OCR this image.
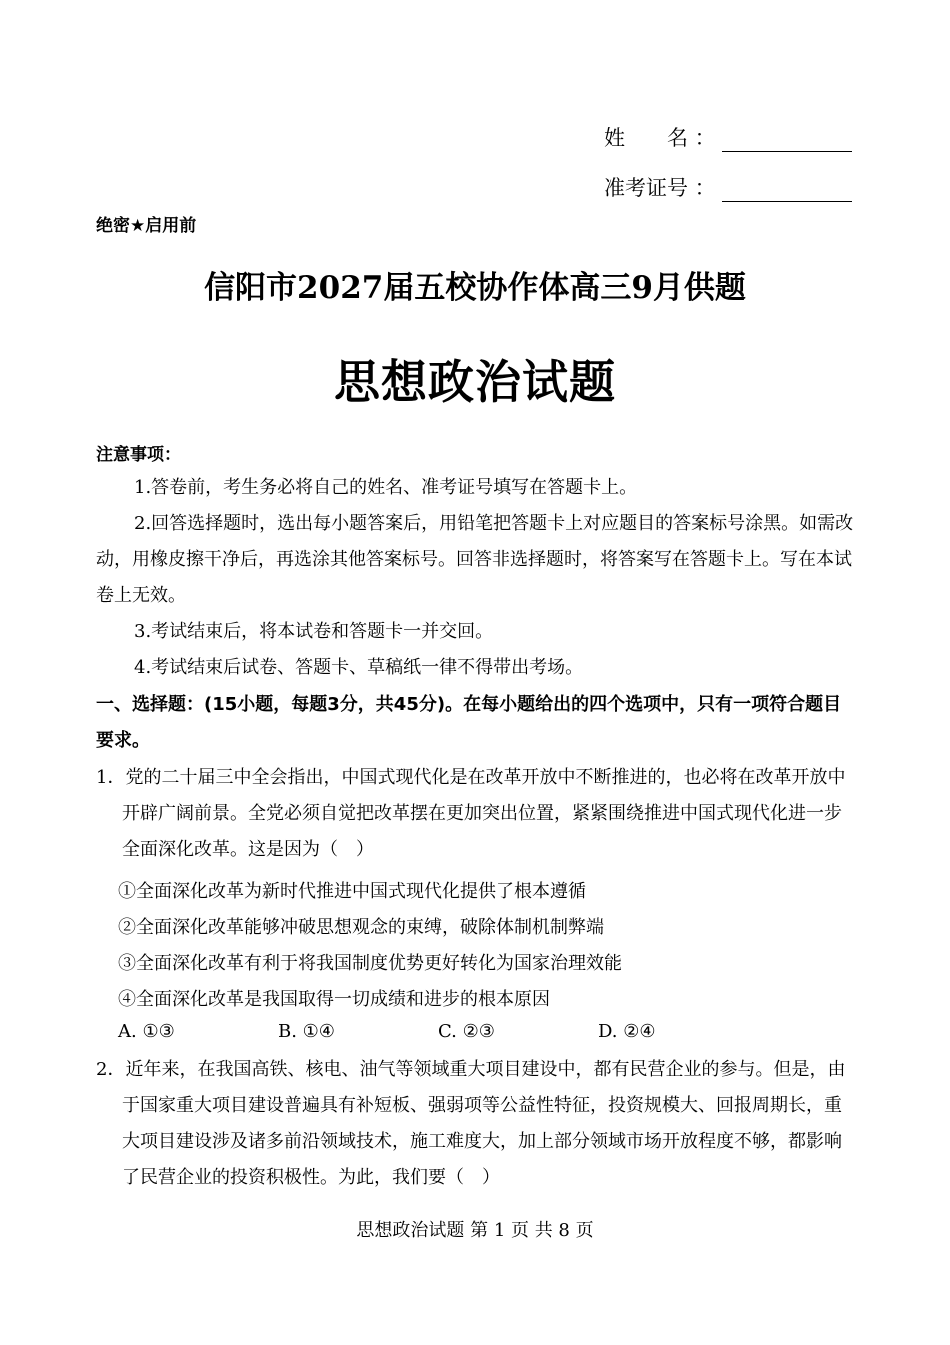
姓　　名 ：
准考证号 ：
绝密★启用前
信阳市2027届五校协作体高三9月供题
思想政治试题
注意事项：
1.答卷前，考生务必将自己的姓名、准考证号填写在答题卡上。
2.回答选择题时，选出每小题答案后，用铅笔把答题卡上对应题目的答案标号涂黑。如需改动，用橡皮擦干净后，再选涂其他答案标号。回答非选择题时，将答案写在答题卡上。写在本试卷上无效。
3.考试结束后，将本试卷和答题卡一并交回。
4.考试结束后试卷、答题卡、草稿纸一律不得带出考场。
一、选择题：(15小题，每题3分，共45分)。在每小题给出的四个选项中，只有一项符合题目要求。
1．党的二十届三中全会指出，中国式现代化是在改革开放中不断推进的，也必将在改革开放中开辟广阔前景。全党必须自觉把改革摆在更加突出位置，紧紧围绕推进中国式现代化进一步全面深化改革。这是因为（　）
①全面深化改革为新时代推进中国式现代化提供了根本遵循
②全面深化改革能够冲破思想观念的束缚，破除体制机制弊端
③全面深化改革有利于将我国制度优势更好转化为国家治理效能
④全面深化改革是我国取得一切成绩和进步的根本原因
A. ①③	B. ①④	C. ②③	D. ②④
2．近年来，在我国高铁、核电、油气等领域重大项目建设中，都有民营企业的参与。但是，由于国家重大项目建设普遍具有补短板、强弱项等公益性特征，投资规模大、回报周期长，重大项目建设涉及诸多前沿领域技术，施工难度大，加上部分领域市场开放程度不够，都影响了民营企业的投资积极性。为此，我们要（　）
思想政治试题 第 1 页 共 8 页
